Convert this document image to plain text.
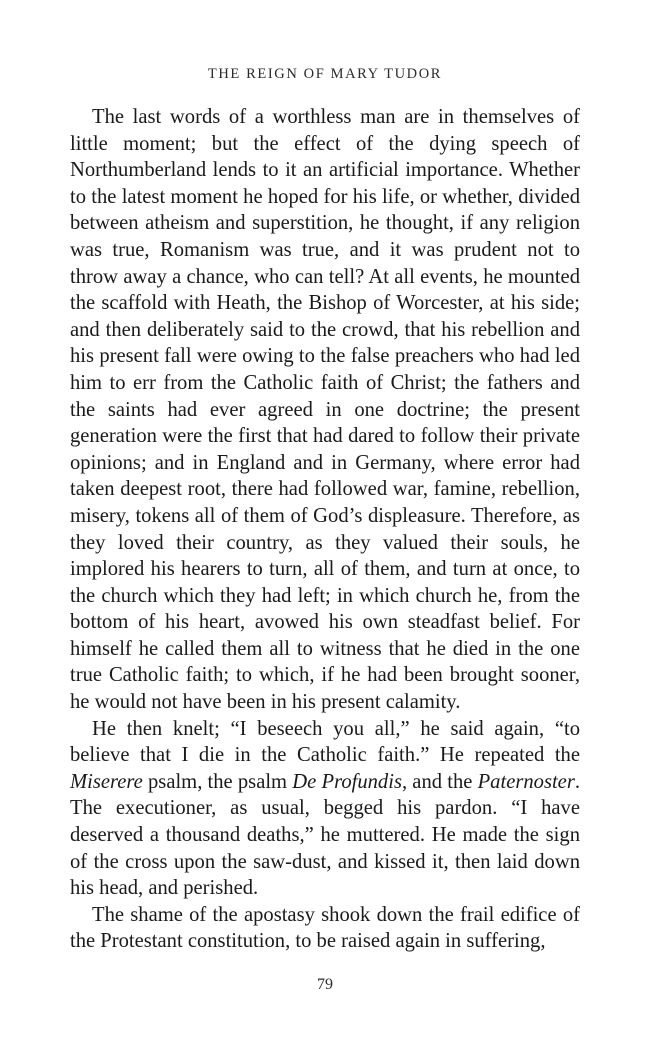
THE REIGN OF MARY TUDOR

The last words of a worthless man are in themselves of little moment; but the effect of the dying speech of Northumberland lends to it an artificial importance. Whether to the latest moment he hoped for his life, or whether, divided between atheism and superstition, he thought, if any religion was true, Romanism was true, and it was prudent not to throw away a chance, who can tell? At all events, he mounted the scaffold with Heath, the Bishop of Worcester, at his side; and then deliberately said to the crowd, that his rebellion and his present fall were owing to the false preachers who had led him to err from the Catholic faith of Christ; the fathers and the saints had ever agreed in one doctrine; the present generation were the first that had dared to follow their private opinions; and in England and in Germany, where error had taken deepest root, there had followed war, famine, rebellion, misery, tokens all of them of God’s displeasure. Therefore, as they loved their country, as they valued their souls, he implored his hearers to turn, all of them, and turn at once, to the church which they had left; in which church he, from the bottom of his heart, avowed his own steadfast belief. For himself he called them all to witness that he died in the one true Catholic faith; to which, if he had been brought sooner, he would not have been in his present calamity.

He then knelt; “I beseech you all,” he said again, “to believe that I die in the Catholic faith.” He repeated the Miserere psalm, the psalm De Profundis, and the Paternoster. The executioner, as usual, begged his pardon. “I have deserved a thousand deaths,” he muttered. He made the sign of the cross upon the saw-dust, and kissed it, then laid down his head, and perished.

The shame of the apostasy shook down the frail edifice of the Protestant constitution, to be raised again in suffering,

79
